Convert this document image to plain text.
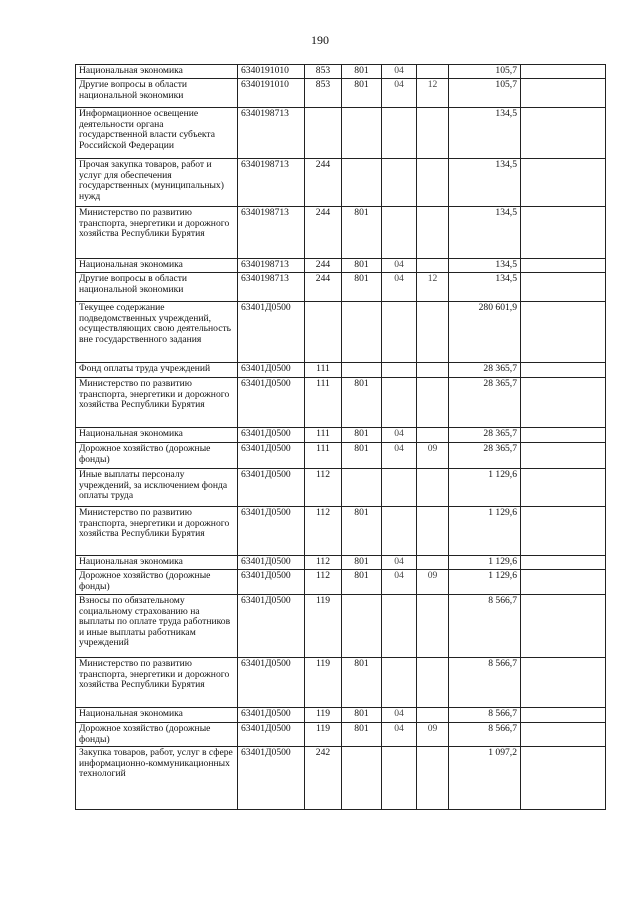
190
Национальная экономика	6340191010	853	801	04		105,7	
Другие вопросы в области национальной экономики	6340191010	853	801	04	12	105,7	
Информационное освещение деятельности органа государственной власти субъекта Российской Федерации	6340198713					134,5	
Прочая закупка товаров, работ и услуг для обеспечения государственных (муниципальных) нужд	6340198713	244				134,5	
Министерство по развитию транспорта, энергетики и дорожного хозяйства Республики Бурятия	6340198713	244	801			134,5	
Национальная экономика	6340198713	244	801	04		134,5	
Другие вопросы в области национальной экономики	6340198713	244	801	04	12	134,5	
Текущее содержание подведомственных учреждений, осуществляющих свою деятельность вне государственного задания	63401Д0500					280 601,9	
Фонд оплаты труда учреждений	63401Д0500	111				28 365,7	
Министерство по развитию транспорта, энергетики и дорожного хозяйства Республики Бурятия	63401Д0500	111	801			28 365,7	
Национальная экономика	63401Д0500	111	801	04		28 365,7	
Дорожное хозяйство (дорожные фонды)	63401Д0500	111	801	04	09	28 365,7	
Иные выплаты персоналу учреждений, за исключением фонда оплаты труда	63401Д0500	112				1 129,6	
Министерство по развитию транспорта, энергетики и дорожного хозяйства Республики Бурятия	63401Д0500	112	801			1 129,6	
Национальная экономика	63401Д0500	112	801	04		1 129,6	
Дорожное хозяйство (дорожные фонды)	63401Д0500	112	801	04	09	1 129,6	
Взносы по обязательному социальному страхованию на выплаты по оплате труда работников и иные выплаты работникам учреждений	63401Д0500	119				8 566,7	
Министерство по развитию транспорта, энергетики и дорожного хозяйства Республики Бурятия	63401Д0500	119	801			8 566,7	
Национальная экономика	63401Д0500	119	801	04		8 566,7	
Дорожное хозяйство (дорожные фонды)	63401Д0500	119	801	04	09	8 566,7	
Закупка товаров, работ, услуг в сфере информационно-коммуникационных технологий	63401Д0500	242				1 097,2	
